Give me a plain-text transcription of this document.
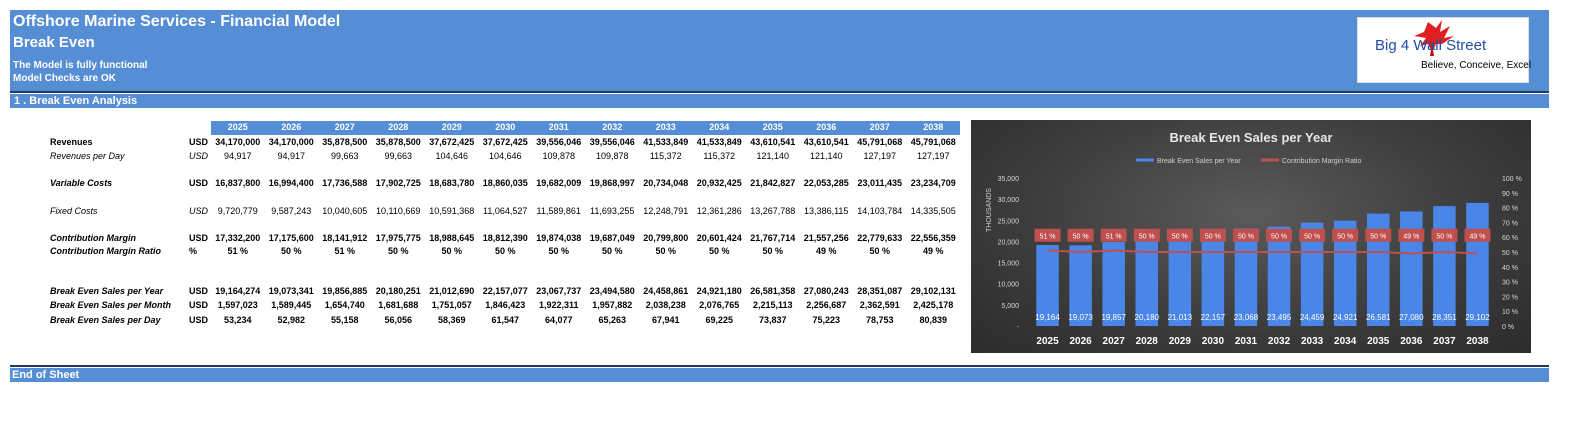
Offshore Marine Services - Financial Model
Break Even
The Model is fully functional
Model Checks are OK
Big 4 Wall Street
Believe, Conceive, Excel
1 . Break Even Analysis
2025	2026	2027	2028	2029	2030	2031	2032	2033	2034	2035	2036	2037	2038
Revenues	USD 34,170,000 34,170,000 35,878,500 35,878,500 37,672,425 37,672,425 39,556,046 39,556,046 41,533,849 41,533,849 43,610,541 43,610,541 45,791,068 45,791,068
Revenues per Day	USD	94,917	94,917	99,663	99,663	104,646	104,646	109,878	109,878	115,372	115,372	121,140	121,140	127,197	127,197
Variable Costs	USD 16,837,800 16,994,400 17,736,588 17,902,725 18,683,780 18,860,035 19,682,009 19,868,997 20,734,048 20,932,425 21,842,827 22,053,285 23,011,435 23,234,709
Fixed Costs	USD	9,720,779	9,587,243	10,040,605 10,110,669 10,591,368 11,064,527	11,589,861	11,693,255 12,248,791 12,361,286 13,267,788 13,386,115 14,103,784 14,335,505
Contribution Margin	USD 17,332,200 17,175,600 18,141,912 17,975,775 18,988,645 18,812,390 19,874,038 19,687,049 20,799,800 20,601,424 21,767,714 21,557,256 22,779,633 22,556,359
Contribution Margin Ratio	%	51 %	50 %	51 %	50 %	50 %	50 %	50 %	50 %	50 %	50 %	50 %	49 %	50 %	49 %
Break Even Sales per Year	USD 19,164,274 19,073,341 19,856,885 20,180,251 21,012,690 22,157,077 23,067,737 23,494,580 24,458,861 24,921,180 26,581,358 27,080,243 28,351,087 29,102,131
Break Even Sales per Month USD	1,597,023	1,589,445	1,654,740	1,681,688	1,751,057	1,846,423	1,922,311	1,957,882	2,038,238	2,076,765	2,215,113	2,256,687	2,362,591	2,425,178
Break Even Sales per Day	USD	53,234	52,982	55,158	56,056	58,369	61,547	64,077	65,263	67,941	69,225	73,837	75,223	78,753	80,839
Break Even Sales per Year
Break Even Sales per Year	Contribution Margin Ratio
THOUSANDS
-
5,000
10,000
15,000
20,000
25,000
30,000
35,000
0 %
10 %
20 %
30 %
40 %
50 %
60 %
70 %
80 %
90 %
100 %
19,164
2025
19,073
2026
19,857
2027
20,180
2028
21,013
2029
22,157
2030
23,068
2031
23,495
2032
24,459
2033
24,921
2034
26,581
2035
27,080
2036
28,351
2037
29,102
2038
51 % 50 % 51 % 50 % 50 % 50 % 50 % 50 % 50 % 50 % 50 % 49 % 50 % 49 %
End of Sheet
